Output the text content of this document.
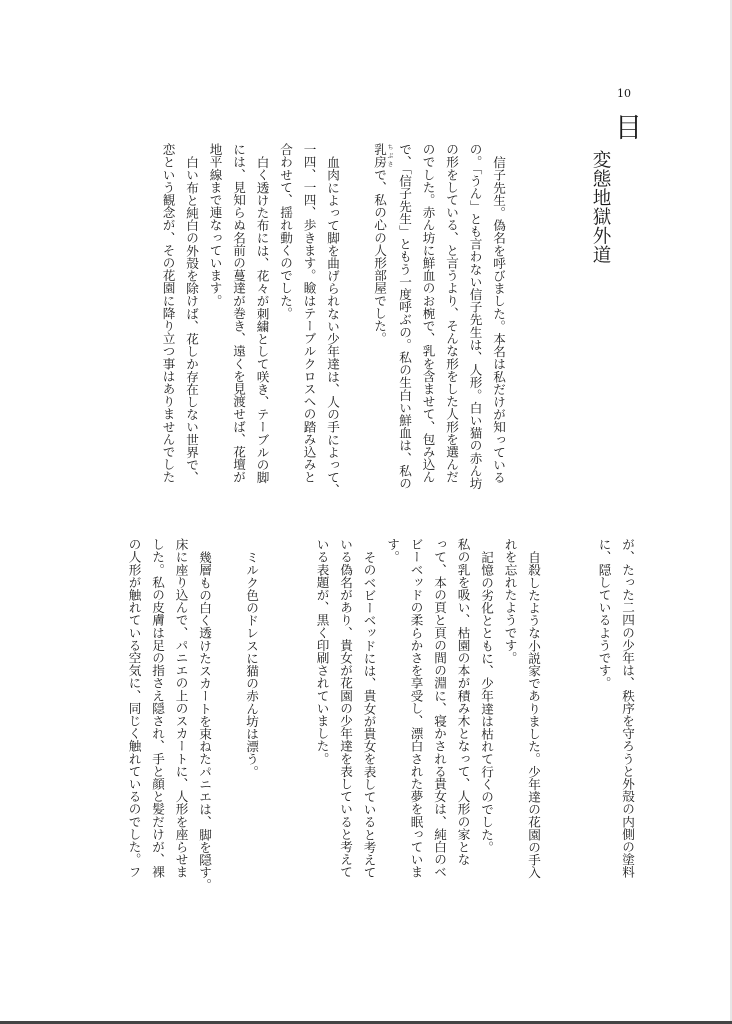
10
目
変態地獄外道
信子先生。偽名を呼びました。本名は私だけが知っている
の。「うん」とも言わない信子先生は、人形。白い猫の赤ん坊
の形をしている、と言うより、そんな形をした人形を選んだ
のでした。赤ん坊に鮮血のお椀で、乳を含ませて、包み込ん
で、「信子先生」ともう一度呼ぶの。私の生白い鮮血は、私の
乳房 ちぶさで、私の心の人形部屋でした。
血肉によって脚を曲げられない少年達は、人の手によって、
一四、一四、歩きます。瞼はテーブルクロスへの踏み込みと
合わせて、揺れ動くのでした。
白く透けた布には、花々が刺繍として咲き、テーブルの脚
には、見知らぬ名前の蔓達が巻き、遠くを見渡せば、花壇が
地平線まで連なっています。
白い布と純白の外殻を除けば、花しか存在しない世界で、
恋という観念が、その花園に降り立つ事はありませんでした
が、たった二四の少年は、秩序を守ろうと外殻の内側の塗料
に、隠しているようです。
自殺したような小説家でありました。少年達の花園の手入
れを忘れたようです。
記憶の劣化とともに、少年達は枯れて行くのでした。
私の乳を吸い、枯園の本が積み木となって、人形の家とな
って、本の頁と頁の間の淵に、寝かされる貴女は、純白のベ
ビーベッドの柔らかさを享受し、漂白された夢を眠っていま
す。
そのベビーベッドには、貴女が貴女を表していると考えて
いる偽名があり、貴女が花園の少年達を表していると考えて
いる表題が、黒く印刷されていました。
ミルク色のドレスに猫の赤ん坊は漂う。
幾層もの白く透けたスカートを束ねたパニエは、脚を隠す。
床に座り込んで、パニエの上のスカートに、人形を座らせま
した。私の皮膚は足の指さえ隠され、手と顔と髪だけが、裸
の人形が触れている空気に、同じく触れているのでした。フ
